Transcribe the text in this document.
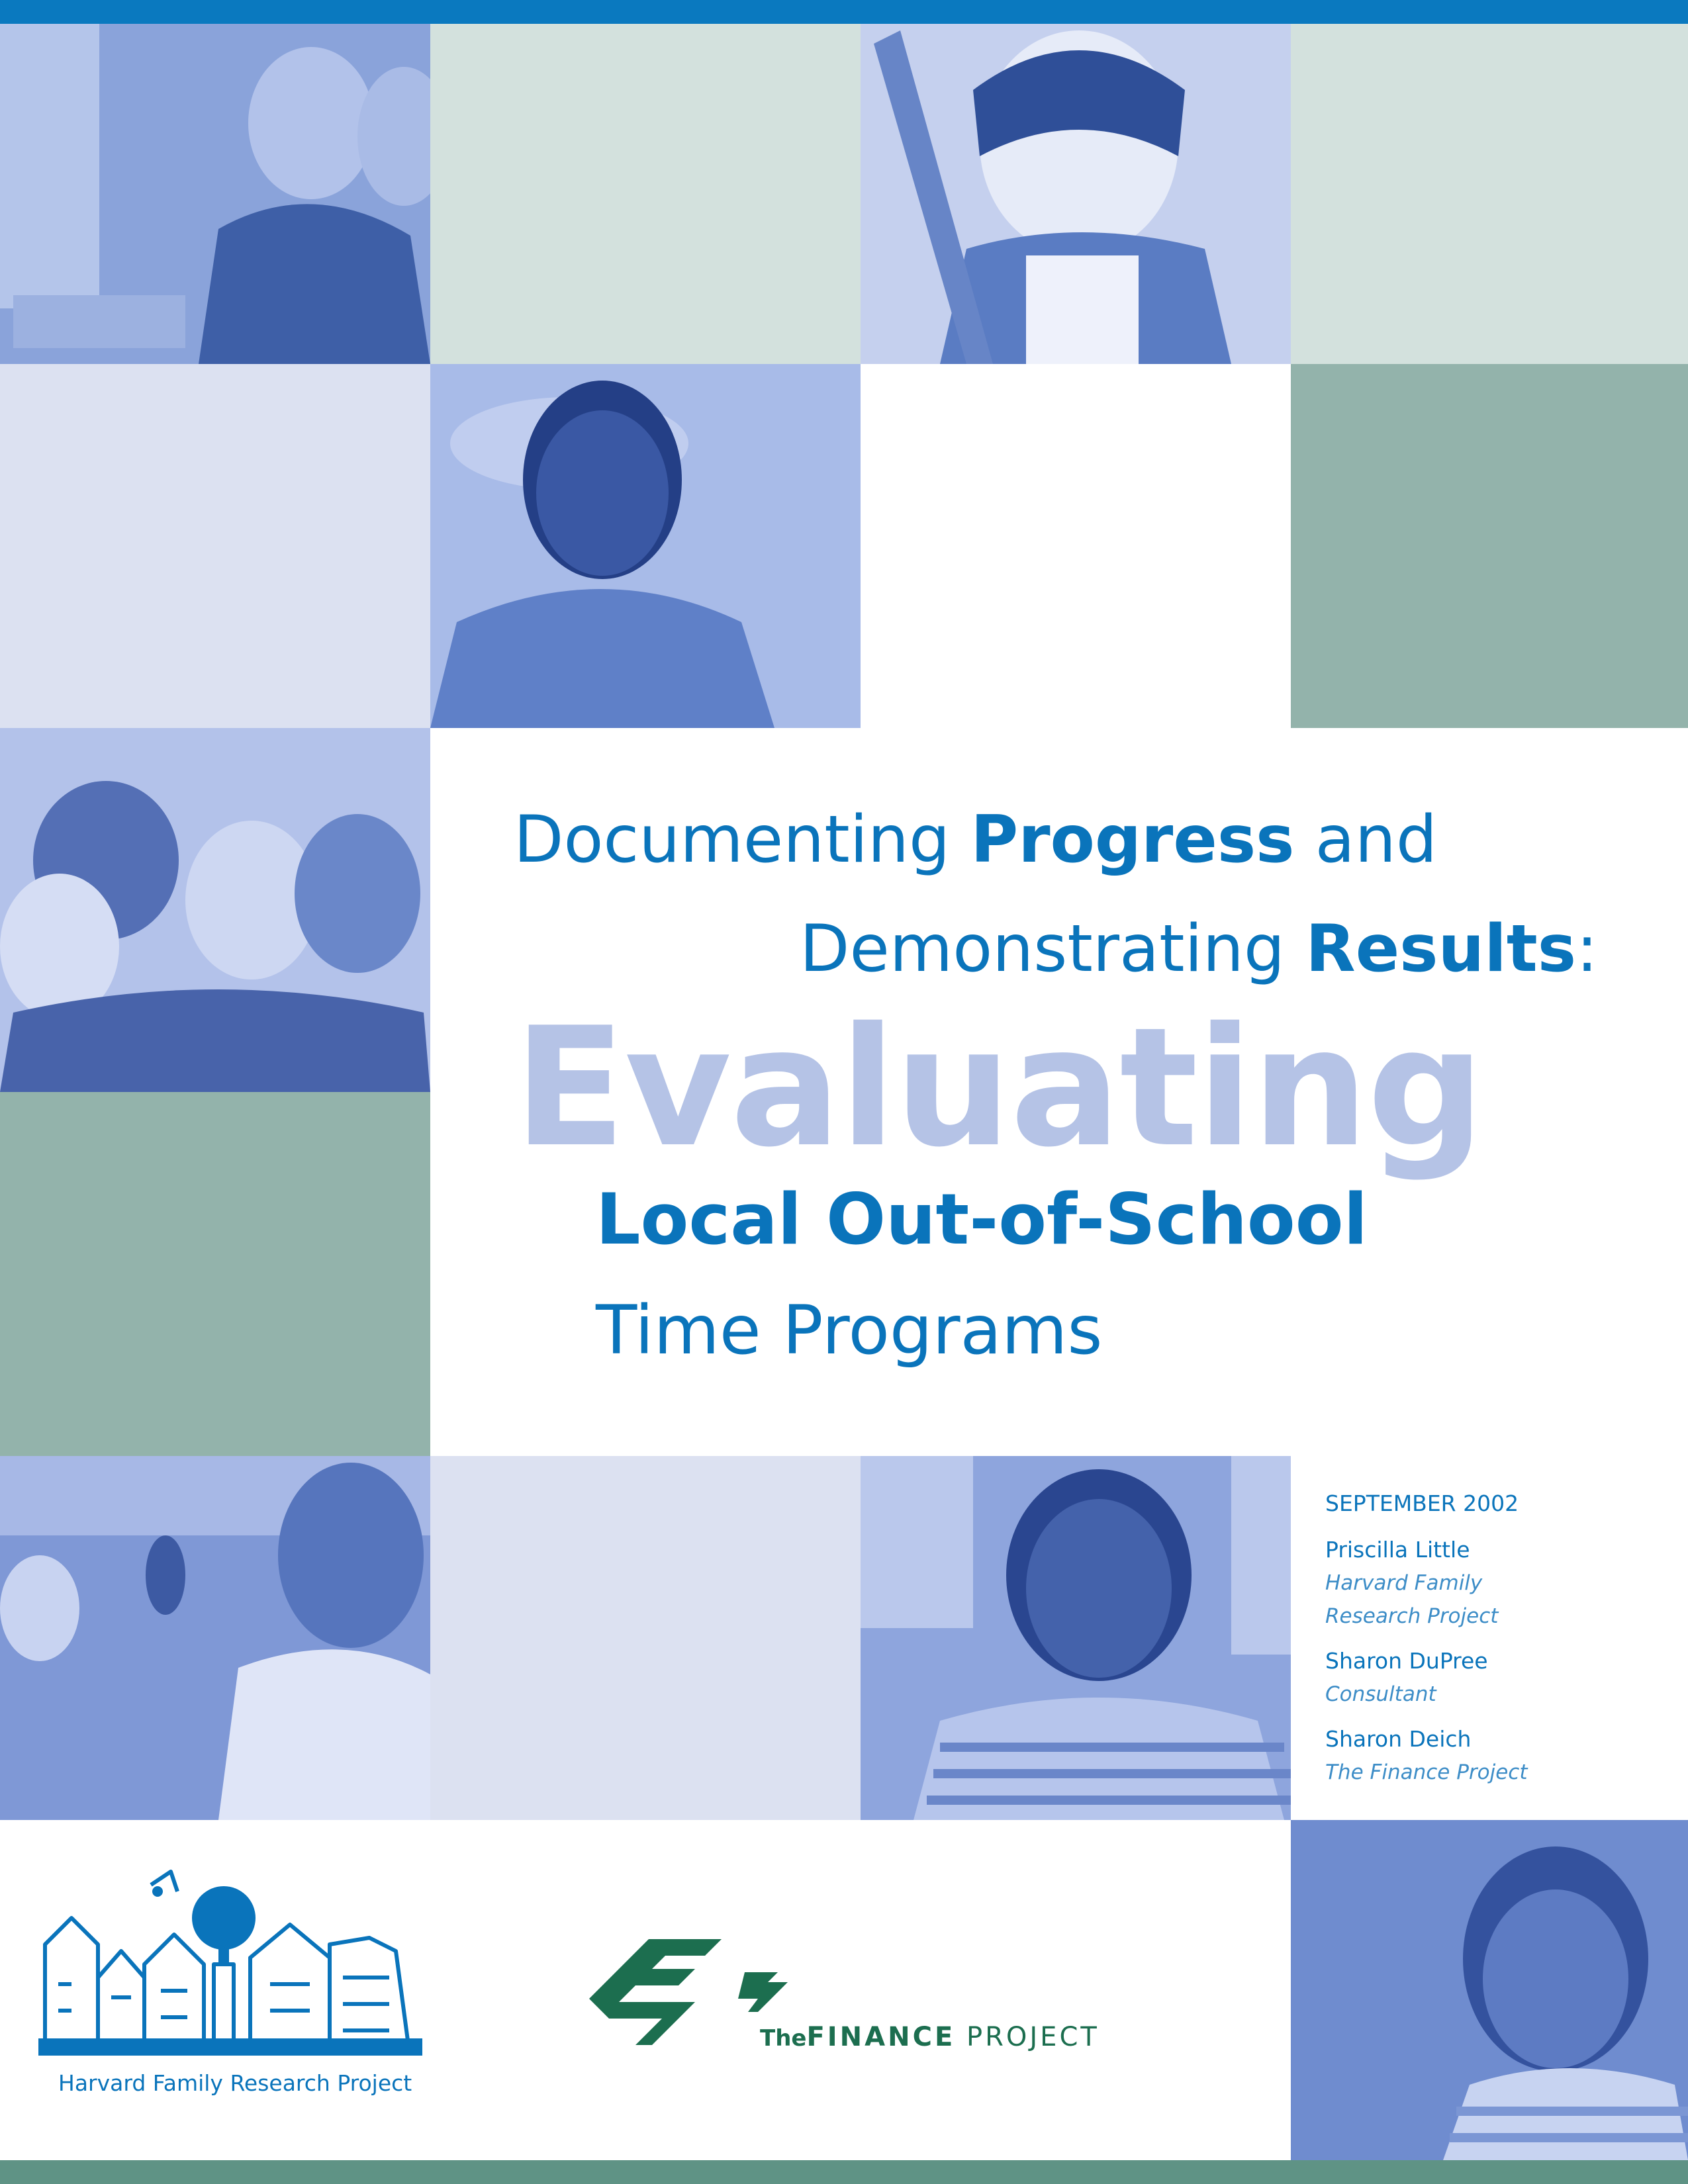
Documenting Progress and
Demonstrating Results:
Evaluating
Local Out-of-School
Time Programs
SEPTEMBER 2002
Priscilla Little
Harvard Family
Research Project
Sharon DuPree
Consultant
Sharon Deich
The Finance Project
Harvard Family Research Project
TheFINANCE PROJECT
